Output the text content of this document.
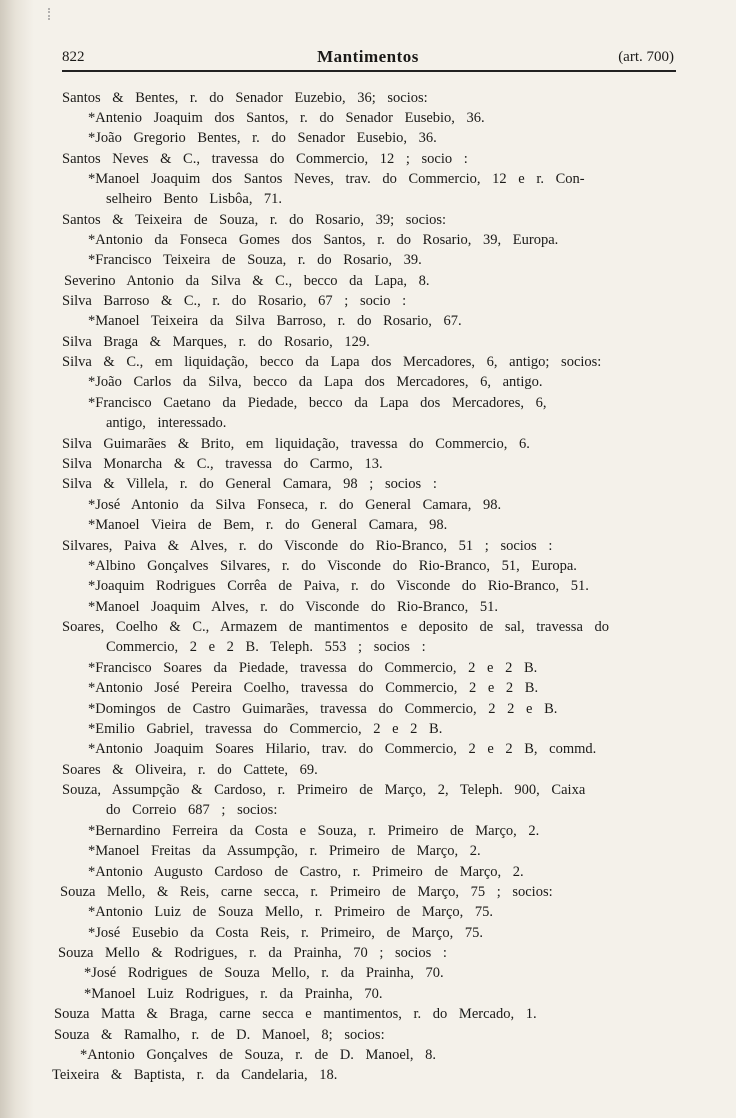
822	Mantimentos	(art. 700)
Santos & Bentes, r. do Senador Euzebio, 36; socios:
*Antenio Joaquim dos Santos, r. do Senador Eusebio, 36.
*João Gregorio Bentes, r. do Senador Eusebio, 36.
Santos Neves & C., travessa do Commercio, 12 ; socio :
*Manoel Joaquim dos Santos Neves, trav. do Commercio, 12 e r. Con-
selheiro Bento Lisbôa, 71.
Santos & Teixeira de Souza, r. do Rosario, 39; socios:
*Antonio da Fonseca Gomes dos Santos, r. do Rosario, 39, Europa.
*Francisco Teixeira de Souza, r. do Rosario, 39.
Severino Antonio da Silva & C., becco da Lapa, 8.
Silva Barroso & C., r. do Rosario, 67 ; socio :
*Manoel Teixeira da Silva Barroso, r. do Rosario, 67.
Silva Braga & Marques, r. do Rosario, 129.
Silva & C., em liquidação, becco da Lapa dos Mercadores, 6, antigo; socios:
*João Carlos da Silva, becco da Lapa dos Mercadores, 6, antigo.
*Francisco Caetano da Piedade, becco da Lapa dos Mercadores, 6,
antigo, interessado.
Silva Guimarães & Brito, em liquidação, travessa do Commercio, 6.
Silva Monarcha & C., travessa do Carmo, 13.
Silva & Villela, r. do General Camara, 98 ; socios :
*José Antonio da Silva Fonseca, r. do General Camara, 98.
*Manoel Vieira de Bem, r. do General Camara, 98.
Silvares, Paiva & Alves, r. do Visconde do Rio-Branco, 51 ; socios :
*Albino Gonçalves Silvares, r. do Visconde do Rio-Branco, 51, Europa.
*Joaquim Rodrigues Corrêa de Paiva, r. do Visconde do Rio-Branco, 51.
*Manoel Joaquim Alves, r. do Visconde do Rio-Branco, 51.
Soares, Coelho & C., Armazem de mantimentos e deposito de sal, travessa do
Commercio, 2 e 2 B. Teleph. 553 ; socios :
*Francisco Soares da Piedade, travessa do Commercio, 2 e 2 B.
*Antonio José Pereira Coelho, travessa do Commercio, 2 e 2 B.
*Domingos de Castro Guimarães, travessa do Commercio, 2 2 e B.
*Emilio Gabriel, travessa do Commercio, 2 e 2 B.
*Antonio Joaquim Soares Hilario, trav. do Commercio, 2 e 2 B, commd.
Soares & Oliveira, r. do Cattete, 69.
Souza, Assumpção & Cardoso, r. Primeiro de Março, 2, Teleph. 900, Caixa
do Correio 687 ; socios:
*Bernardino Ferreira da Costa e Souza, r. Primeiro de Março, 2.
*Manoel Freitas da Assumpção, r. Primeiro de Março, 2.
*Antonio Augusto Cardoso de Castro, r. Primeiro de Março, 2.
Souza Mello, & Reis, carne secca, r. Primeiro de Março, 75 ; socios:
*Antonio Luiz de Souza Mello, r. Primeiro de Março, 75.
*José Eusebio da Costa Reis, r. Primeiro, de Março, 75.
Souza Mello & Rodrigues, r. da Prainha, 70 ; socios :
*José Rodrigues de Souza Mello, r. da Prainha, 70.
*Manoel Luiz Rodrigues, r. da Prainha, 70.
Souza Matta & Braga, carne secca e mantimentos, r. do Mercado, 1.
Souza & Ramalho, r. de D. Manoel, 8; socios:
*Antonio Gonçalves de Souza, r. de D. Manoel, 8.
Teixeira & Baptista, r. da Candelaria, 18.
